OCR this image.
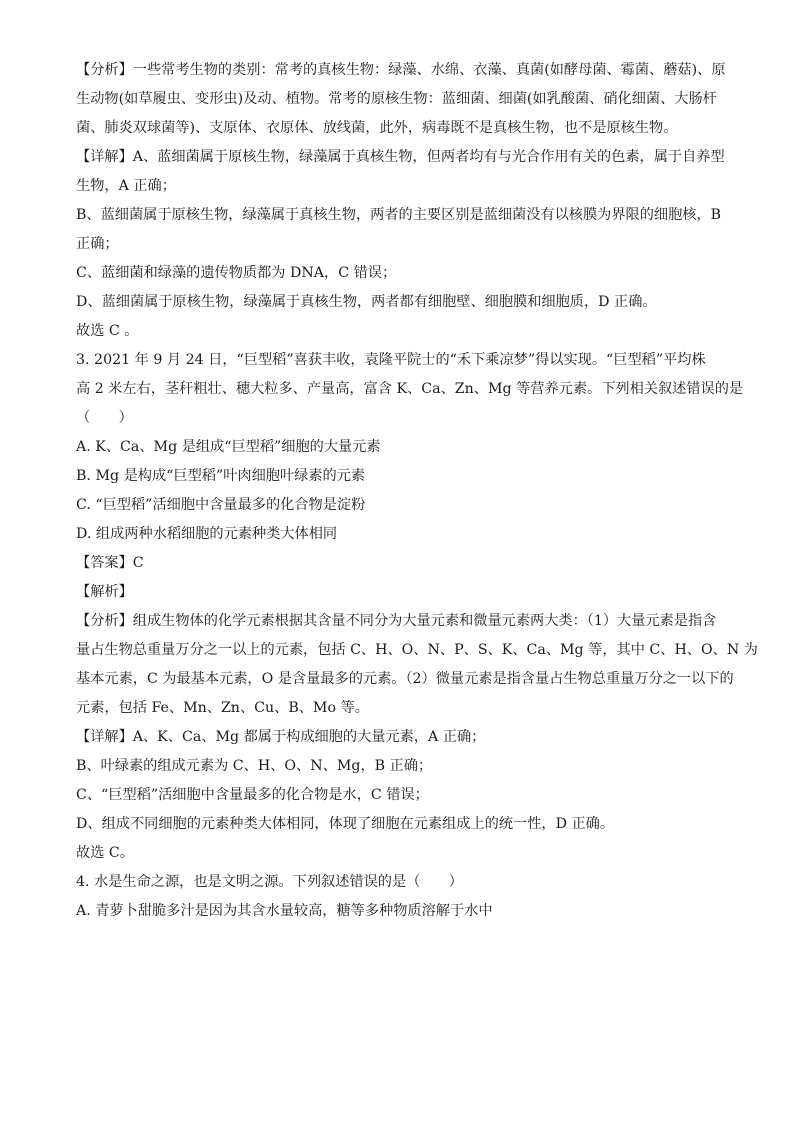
【分析】一些常考生物的类别：常考的真核生物：绿藻、水绵、衣藻、真菌(如酵母菌、霉菌、蘑菇)、原

生动物(如草履虫、变形虫)及动、植物。常考的原核生物：蓝细菌、细菌(如乳酸菌、硝化细菌、大肠杆

菌、肺炎双球菌等)、支原体、衣原体、放线菌，此外，病毒既不是真核生物，也不是原核生物。

【详解】A、蓝细菌属于原核生物，绿藻属于真核生物，但两者均有与光合作用有关的色素，属于自养型

生物，A 正确；

B、蓝细菌属于原核生物，绿藻属于真核生物，两者的主要区别是蓝细菌没有以核膜为界限的细胞核，B

正确；

C、蓝细菌和绿藻的遗传物质都为 DNA，C 错误；

D、蓝细菌属于原核生物，绿藻属于真核生物，两者都有细胞壁、细胞膜和细胞质，D 正确。

故选 C 。

3. 2021 年 9 月 24 日，“巨型稻”喜获丰收，袁隆平院士的“禾下乘凉梦”得以实现。“巨型稻”平均株

高 2 米左右，茎秆粗壮、穗大粒多、产量高，富含 K、Ca、Zn、Mg 等营养元素。下列相关叙述错误的是

（　　）

A. K、Ca、Mg 是组成“巨型稻”细胞的大量元素

B. Mg 是构成“巨型稻”叶肉细胞叶绿素的元素

C. “巨型稻”活细胞中含量最多的化合物是淀粉

D. 组成两种水稻细胞的元素种类大体相同

【答案】C

【解析】

【分析】组成生物体的化学元素根据其含量不同分为大量元素和微量元素两大类：（1）大量元素是指含

量占生物总重量万分之一以上的元素，包括 C、H、O、N、P、S、K、Ca、Mg 等，其中 C、H、O、N 为

基本元素，C 为最基本元素，O 是含量最多的元素。（2）微量元素是指含量占生物总重量万分之一以下的

元素，包括 Fe、Mn、Zn、Cu、B、Mo 等。

【详解】A、K、Ca、Mg 都属于构成细胞的大量元素，A 正确；

B、叶绿素的组成元素为 C、H、O、N、Mg，B 正确；

C、“巨型稻”活细胞中含量最多的化合物是水，C 错误；

D、组成不同细胞的元素种类大体相同，体现了细胞在元素组成上的统一性，D 正确。

故选 C。

4. 水是生命之源，也是文明之源。下列叙述错误的是（　　）

A. 青萝卜甜脆多汁是因为其含水量较高，糖等多种物质溶解于水中
